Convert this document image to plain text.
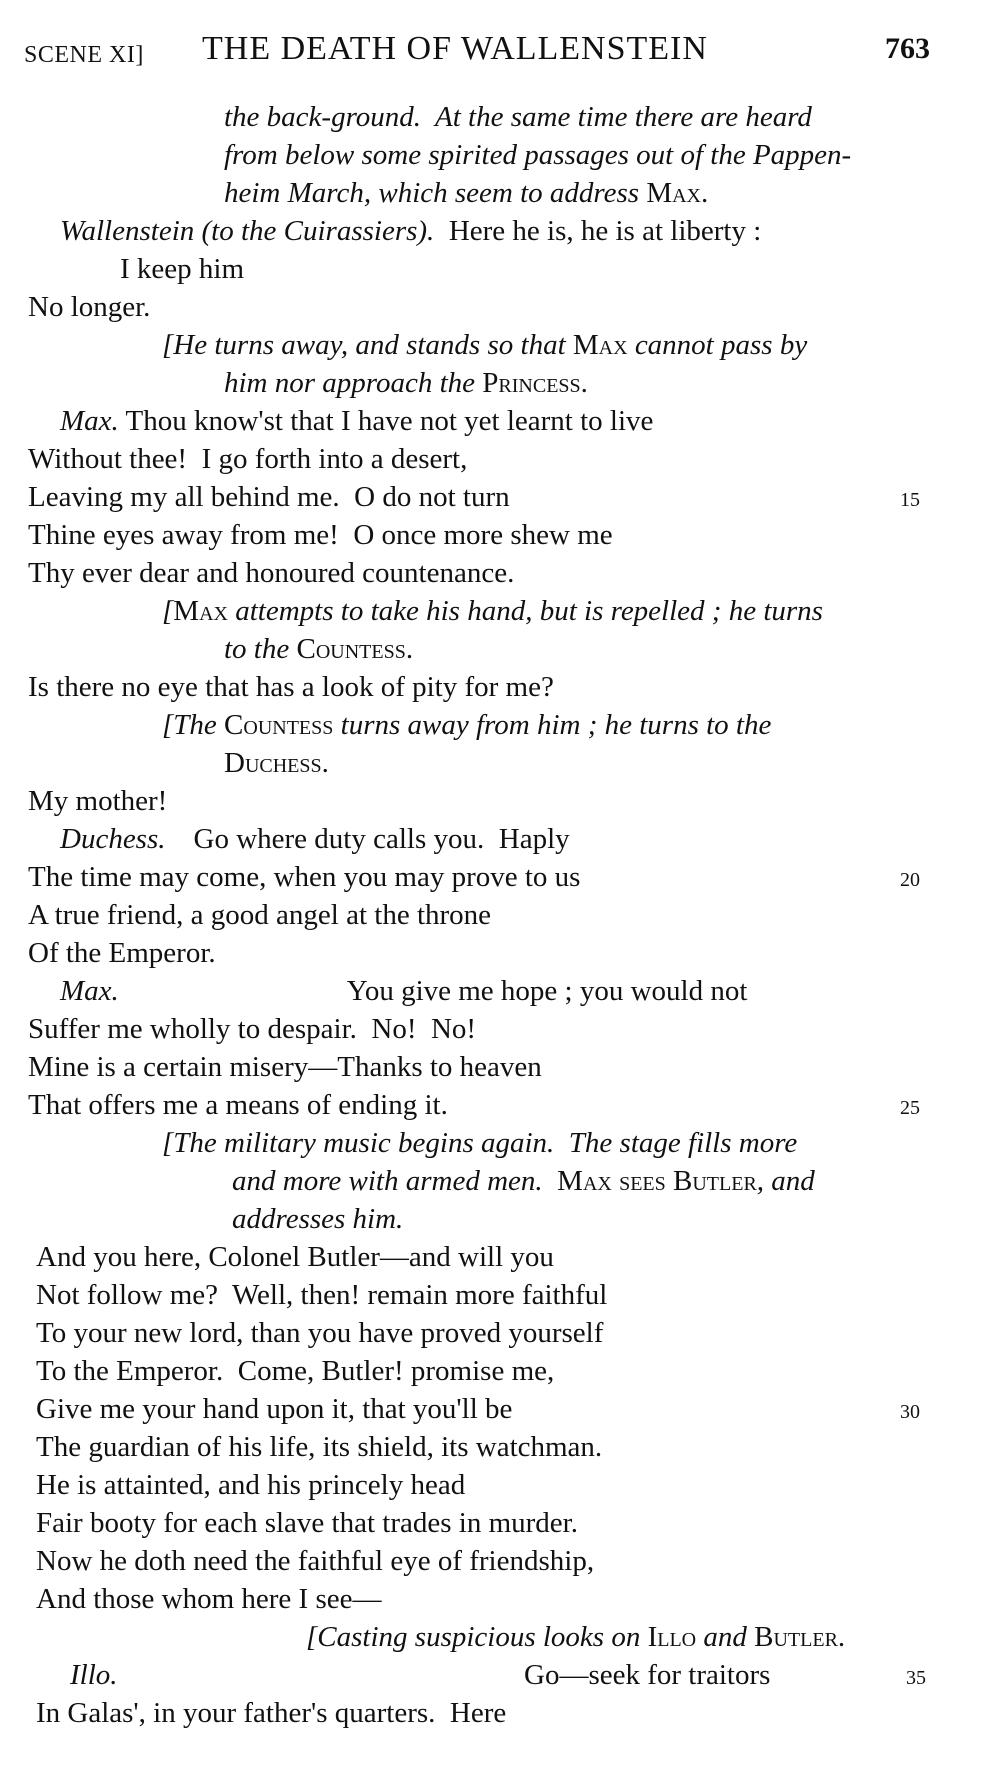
SCENE XI] THE DEATH OF WALLENSTEIN	763
the back-ground.  At the same time there are heard
from below some spirited passages out of the Pappen-
heim March, which seem to address Max.
Wallenstein (to the Cuirassiers). Here he is, he is at liberty :
I keep him
No longer.
[He turns away, and stands so that Max cannot pass by
him nor approach the Princess.
Max. Thou know'st that I have not yet learnt to live
Without thee!  I go forth into a desert,
Leaving my all behind me.  O do not turn	15
Thine eyes away from me!  O once more shew me
Thy ever dear and honoured countenance.
[Max attempts to take his hand, but is repelled ; he turns
to the Countess.
Is there no eye that has a look of pity for me?
[The Countess turns away from him ; he turns to the
Duchess.
My mother!
Duchess. Go where duty calls you.  Haply
The time may come, when you may prove to us	20
A true friend, a good angel at the throne
Of the Emperor.
Max.	You give me hope ; you would not
Suffer me wholly to despair.  No!  No!
Mine is a certain misery—Thanks to heaven
That offers me a means of ending it.	25
[The military music begins again.  The stage fills more
and more with armed men.  Max sees Butler, and
addresses him.
And you here, Colonel Butler—and will you
Not follow me?  Well, then! remain more faithful
To your new lord, than you have proved yourself
To the Emperor.  Come, Butler! promise me,
Give me your hand upon it, that you'll be	30
The guardian of his life, its shield, its watchman.
He is attainted, and his princely head
Fair booty for each slave that trades in murder.
Now he doth need the faithful eye of friendship,
And those whom here I see—
[Casting suspicious looks on Illo and Butler.
Illo.	Go—seek for traitors	35
In Galas', in your father's quarters.  Here
